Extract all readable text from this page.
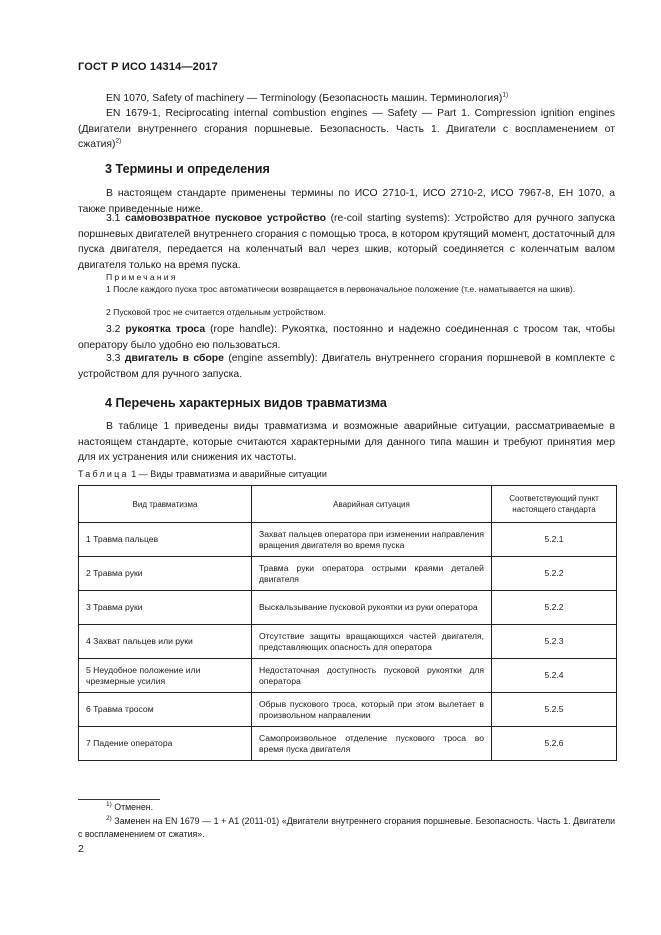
ГОСТ Р ИСО 14314—2017
EN 1070, Safety of machinery — Terminology (Безопасность машин. Терминология)$^{1)}$
EN 1679-1, Reciprocating internal combustion engines — Safety — Part 1. Compression ignition engines (Двигатели внутреннего сгорания поршневые. Безопасность. Часть 1. Двигатели с воспламенением от сжатия)$^{2)}$
3 Термины и определения
В настоящем стандарте применены термины по ИСО 2710-1, ИСО 2710-2, ИСО 7967-8, ЕН 1070, а также приведенные ниже.
3.1 самовозвратное пусковое устройство (re-coil starting systems): Устройство для ручного запуска поршневых двигателей внутреннего сгорания с помощью троса, в котором крутящий момент, достаточный для пуска двигателя, передается на коленчатый вал через шкив, который соединяется с коленчатым валом двигателя только на время пуска.
Примечания
1 После каждого пуска трос автоматически возвращается в первоначальное положение (т.е. наматывается на шкив).
2 Пусковой трос не считается отдельным устройством.
3.2 рукоятка троса (rope handle): Рукоятка, постоянно и надежно соединенная с тросом так, чтобы оператору было удобно ею пользоваться.
3.3 двигатель в сборе (engine assembly): Двигатель внутреннего сгорания поршневой в комплекте с устройством для ручного запуска.
4 Перечень характерных видов травматизма
В таблице 1 приведены виды травматизма и возможные аварийные ситуации, рассматриваемые в настоящем стандарте, которые считаются характерными для данного типа машин и требуют принятия мер для их устранения или снижения их частоты.
Таблица 1 — Виды травматизма и аварийные ситуации
Вид травматизма	Аварийная ситуация	Соответствующий пункт настоящего стандарта
1 Травма пальцев	Захват пальцев оператора при изменении направления вращения двигателя во время пуска	5.2.1
2 Травма руки	Травма руки оператора острыми краями деталей двигателя	5.2.2
3 Травма руки	Выскальзывание пусковой рукоятки из руки оператора	5.2.2
4 Захват пальцев или руки	Отсутствие защиты вращающихся частей двигателя, представляющих опасность для оператора	5.2.3
5 Неудобное положение или чрезмерные усилия	Недостаточная доступность пусковой рукоятки для оператора	5.2.4
6 Травма тросом	Обрыв пускового троса, который при этом вылетает в произвольном направлении	5.2.5
7 Падение оператора	Самопроизвольное отделение пускового троса во время пуска двигателя	5.2.6
$^{1)}$ Отменен.
$^{2)}$ Заменен на EN 1679 — 1 + A1 (2011-01) «Двигатели внутреннего сгорания поршневые. Безопасность. Часть 1. Двигатели с воспламенением от сжатия».
2
